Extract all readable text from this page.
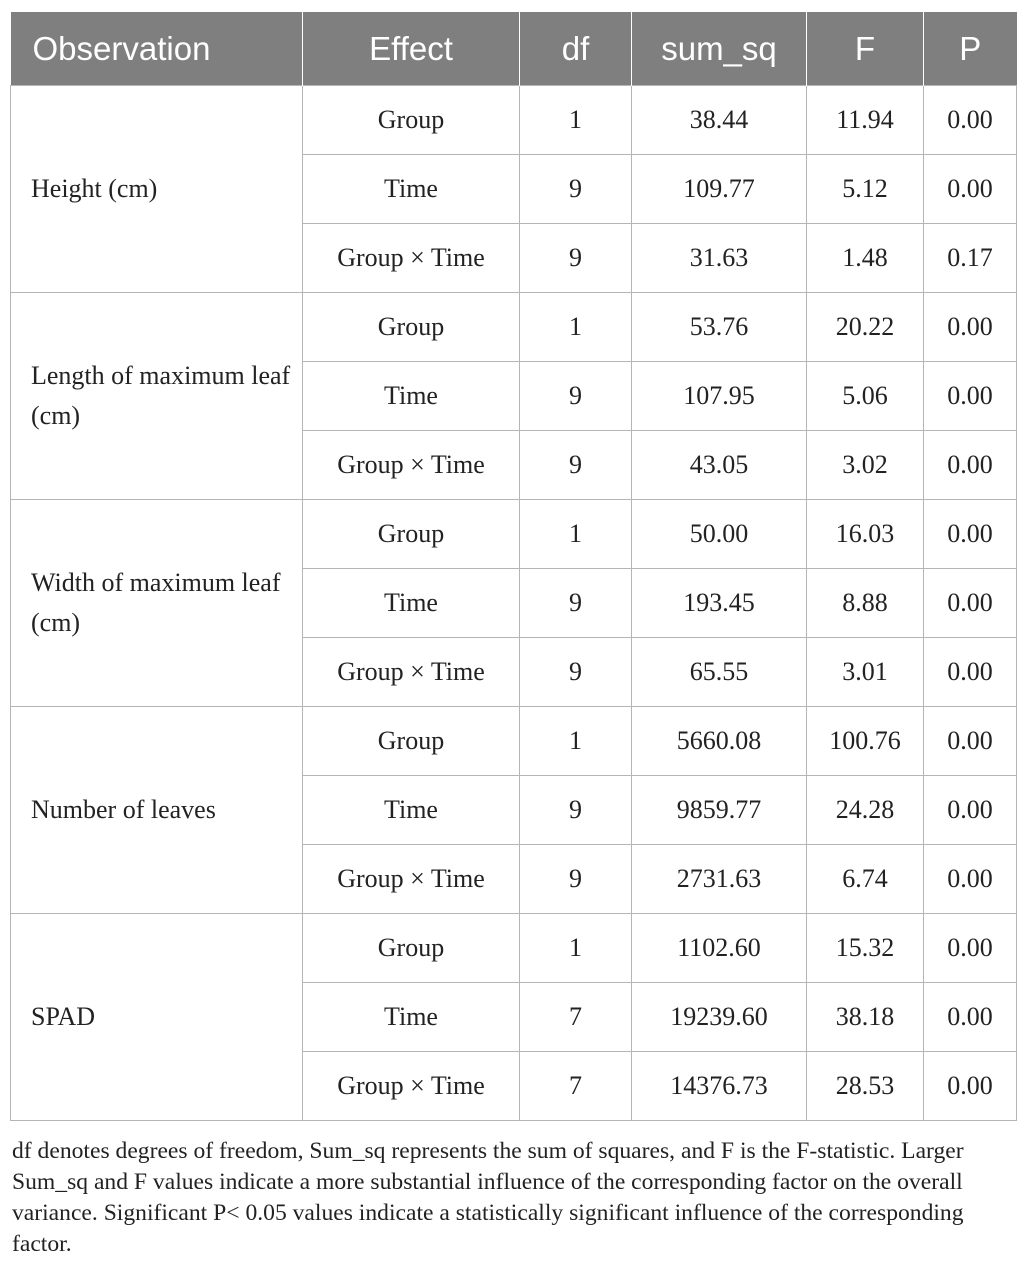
Observation	Effect	df	sum_sq	F	P
Height (cm)	Group	1	38.44	11.94	0.00
	Time	9	109.77	5.12	0.00
	Group × Time	9	31.63	1.48	0.17
Length of maximum leaf (cm)	Group	1	53.76	20.22	0.00
	Time	9	107.95	5.06	0.00
	Group × Time	9	43.05	3.02	0.00
Width of maximum leaf (cm)	Group	1	50.00	16.03	0.00
	Time	9	193.45	8.88	0.00
	Group × Time	9	65.55	3.01	0.00
Number of leaves	Group	1	5660.08	100.76	0.00
	Time	9	9859.77	24.28	0.00
	Group × Time	9	2731.63	6.74	0.00
SPAD	Group	1	1102.60	15.32	0.00
	Time	7	19239.60	38.18	0.00
	Group × Time	7	14376.73	28.53	0.00

df denotes degrees of freedom, Sum_sq represents the sum of squares, and F is the F-statistic. Larger Sum_sq and F values indicate a more substantial influence of the corresponding factor on the overall variance. Significant P< 0.05 values indicate a statistically significant influence of the corresponding factor.
